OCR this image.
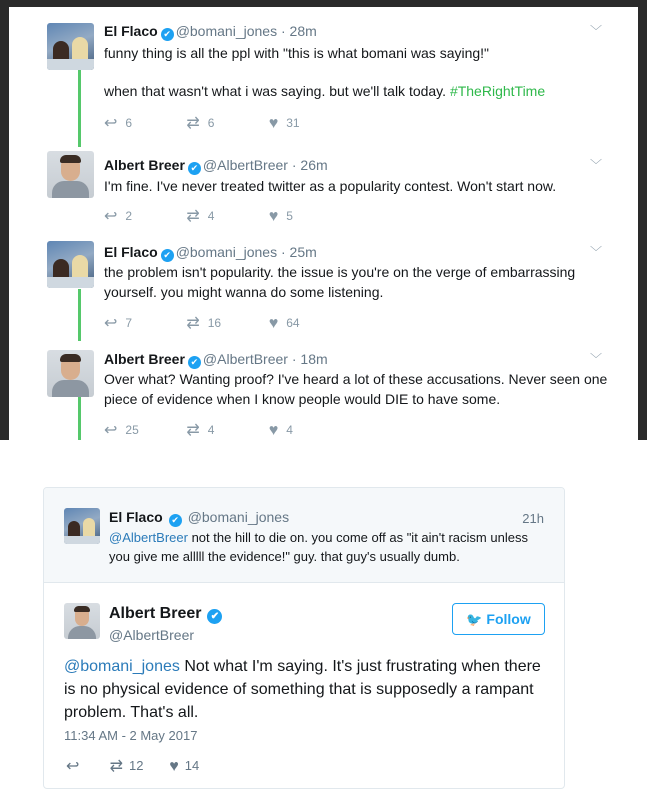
El Flaco ✔ @bomani_jones · 28m	﹀
funny thing is all the ppl with "this is what bomani was saying!"
when that wasn't what i was saying. but we'll talk today. #TheRightTime
↩ 6	⇄ 6	♥ 31
Albert Breer ✔ @AlbertBreer · 26m	﹀
I'm fine. I've never treated twitter as a popularity contest. Won't start now.
↩ 2	⇄ 4	♥ 5
El Flaco ✔ @bomani_jones · 25m	﹀
the problem isn't popularity. the issue is you're on the verge of embarrassing yourself. you might wanna do some listening.
↩ 7	⇄ 16	♥ 64
Albert Breer ✔ @AlbertBreer · 18m	﹀
Over what? Wanting proof? I've heard a lot of these accusations. Never seen one piece of evidence when I know people would DIE to have some.
↩ 25	⇄ 4	♥ 4
El Flaco ✔ @bomani_jones	21h
@AlbertBreer not the hill to die on. you come off as "it ain't racism unless you give me alllll the evidence!" guy. that guy's usually dumb.
Albert Breer ✔
@AlbertBreer
🐦 Follow
@bomani_jones Not what I'm saying. It's just frustrating when there is no physical evidence of something that is supposedly a rampant problem. That's all.
11:34 AM - 2 May 2017
↩ ⇄ 12 ♥ 14
